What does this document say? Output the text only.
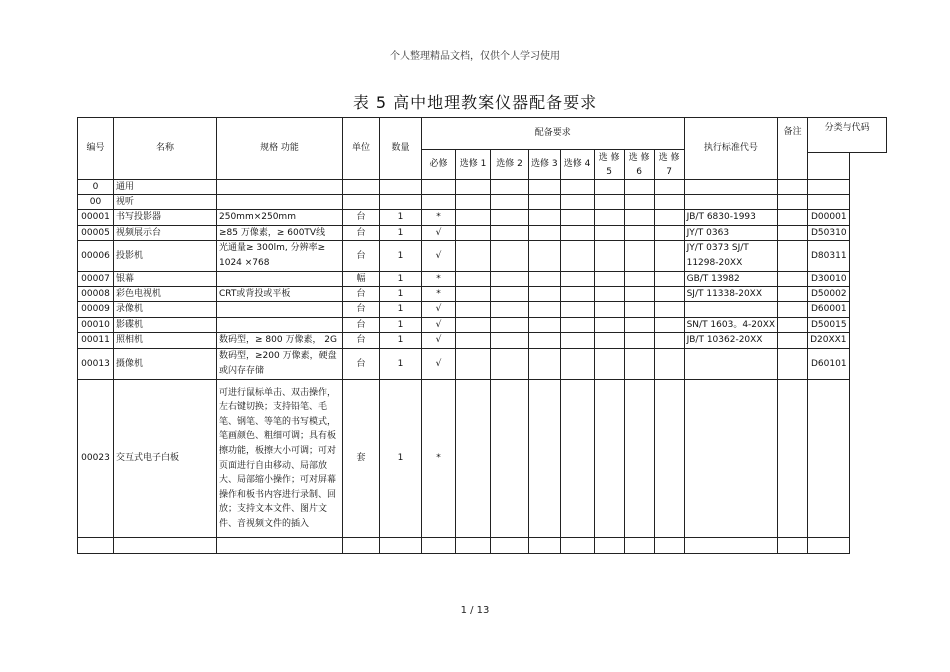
个人整理精品文档，仅供个人学习使用
表 5 高中地理教案仪器配备要求
编号	名称	规格 功能	单位	数量	配备要求								执行标准代号	备注	分类与代码

					必修	选修 1	选修 2	选修 3	选修 4	选 修 5	选 修 6	选 修 7			
0	通用														
00	视听														
00001	书写投影器	250mm×250mm	台	1	*								JB/T 6830-1993		D00001
00005	视频展示台	≥85 万像素，≥ 600TV线	台	1	√								JY/T 0363		D50310
00006	投影机	光通量≥ 300lm, 分辨率≥ 1024 ×768	台	1	√								JY/T 0373 SJ/T 11298-20XX		D80311
00007	银幕		幅	1	*								GB/T 13982		D30010
00008	彩色电视机	CRT或背投或平板	台	1	*								SJ/T 11338-20XX		D50002
00009	录像机		台	1	√										D60001
00010	影碟机		台	1	√								SN/T 1603。4-20XX		D50015
00011	照相机	数码型，≥ 800 万像素， 2G	台	1	√								JB/T 10362-20XX		D20XX1
00013	摄像机	数码型，≥200 万像素，硬盘或闪存存储	台	1	√										D60101
00023	交互式电子白板	可进行鼠标单击、双击操作，左右键切换；支持铅笔、毛笔、钢笔、等笔的书写模式，笔画颜色、粗细可调；具有板擦功能，板擦大小可调；可对页面进行自由移动、局部放大、局部缩小操作；可对屏幕操作和板书内容进行录制、回放；支持文本文件、图片文件、音视频文件的插入	套	1	*										

1 / 13
